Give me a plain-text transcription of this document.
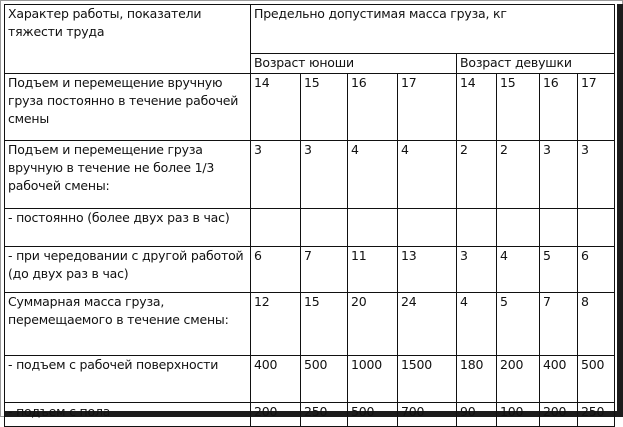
Характер работы, показатели тяжести труда	Предельно допустимая масса груза, кг							
	Возраст юноши				Возраст девушки			
Подъем и перемещение вручную груза постоянно в течение рабочей смены	14	15	16	17	14	15	16	17
Подъем и перемещение груза вручную в течение не более 1/3 рабочей смены:	3	3	4	4	2	2	3	3
- постоянно (более двух раз в час)								
- при чередовании с другой работой (до двух раз в час)	6	7	11	13	3	4	5	6
Суммарная масса груза, перемещаемого в течение смены:	12	15	20	24	4	5	7	8
- подъем с рабочей поверхности	400	500	1000	1500	180	200	400	500
- подъем с пола	200	250	500	700	90	100	200	250
